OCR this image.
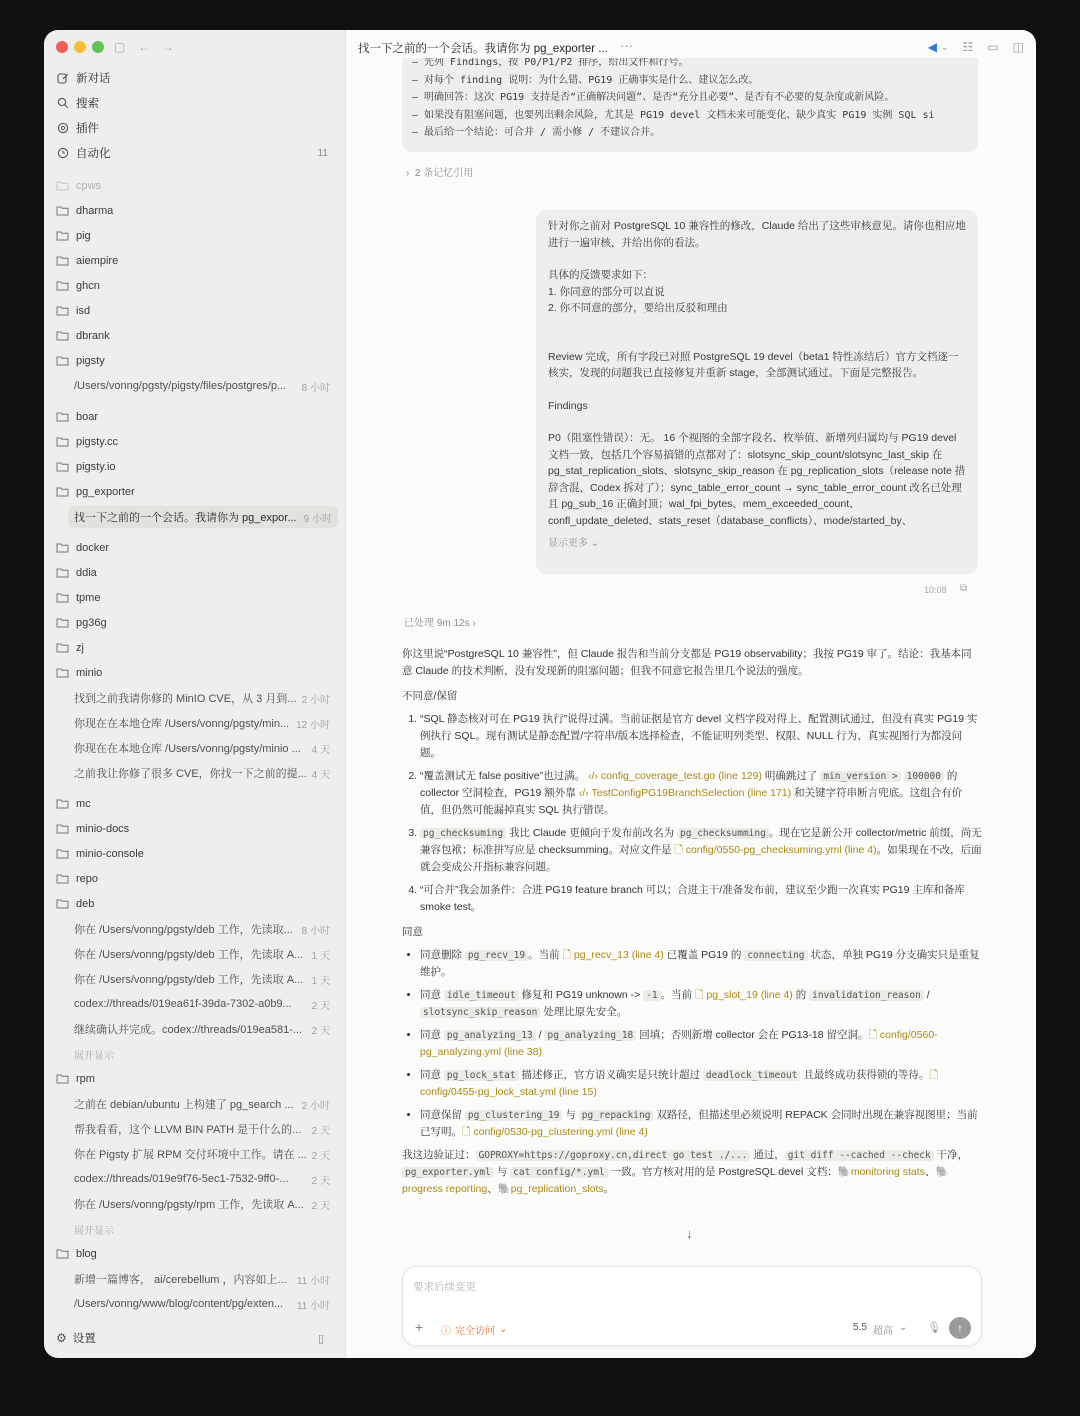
▢ ← →
新对话
搜索
插件
自动化	11
cpws
dharma
pig
aiempire
ghcn
isd
dbrank
pigsty
/Users/vonng/pgsty/pigsty/files/postgres/p...	8 小时
boar
pigsty.cc
pigsty.io
pg_exporter
找一下之前的一个会话。我请你为 pg_expor... 9 小时
docker
ddia
tpme
pg36g
zj
minio
找到之前我请你修的 MinIO CVE，从 3 月到... 2 小时
你现在在本地仓库 /Users/vonng/pgsty/min... 12 小时
你现在在本地仓库 /Users/vonng/pgsty/minio ...	4 天
之前我让你修了很多 CVE，你找一下之前的提... 4 天
mc
minio-docs
minio-console
repo
deb
你在 /Users/vonng/pgsty/deb 工作，先读取... 8 小时
你在 /Users/vonng/pgsty/deb 工作，先读取 A... 1 天
你在 /Users/vonng/pgsty/deb 工作，先读取 A... 1 天
codex://threads/019ea61f-39da-7302-a0b9...	2 天
继续确认并完成。codex://threads/019ea581-... 2 天
展开显示
rpm
之前在 debian/ubuntu 上构建了 pg_search ... 2 小时
帮我看看，这个 LLVM BIN PATH 是干什么的...	2 天
你在 Pigsty 扩展 RPM 交付环境中工作。请在 ... 2 天
codex://threads/019e9f76-5ec1-7532-9ff0-...	2 天
你在 /Users/vonng/pgsty/rpm 工作，先读取 A... 2 天
展开显示
blog
新增一篇博客， ai/cerebellum ，内容如上...	11 小时
/Users/vonng/www/blog/content/pg/exten...	11 小时
⚙ 设置	▯
找一下之前的一个会话。我请你为 pg_exporter ... ···	◀ ⌄ ☷ ▭ ◫
– 先列 Findings，按 P0/P1/P2 排序，给出文件和行号。
– 对每个 finding 说明：为什么错、PG19 正确事实是什么、建议怎么改。
– 明确回答：这次 PG19 支持是否“正确解决问题”、是否“充分且必要”、是否有不必要的复杂度或新风险。
– 如果没有阻塞问题，也要列出剩余风险，尤其是 PG19 devel 文档未来可能变化、缺少真实 PG19 实例 SQL si
– 最后给一个结论：可合并 / 需小修 / 不建议合并。
› 2 条记忆引用
针对你之前对 PostgreSQL 10 兼容性的修改，Claude 给出了这些审核意见。请你也相应地进行一遍审核，并给出你的看法。
具体的反馈要求如下：
1. 你同意的部分可以直说
2. 你不同意的部分，要给出反驳和理由
Review 完成，所有字段已对照 PostgreSQL 19 devel（beta1 特性冻结后）官方文档逐一核实，发现的问题我已直接修复并重新 stage，全部测试通过。下面是完整报告。
Findings
P0（阻塞性错误）：无。 16 个视图的全部字段名、枚举值、新增列归属均与 PG19 devel 文档一致，包括几个容易搞错的点都对了：slotsync_skip_count/slotsync_last_skip 在 pg_stat_replication_slots、slotsync_skip_reason 在 pg_replication_slots（release note 措辞含混，Codex 拆对了）；sync_table_error_count → sync_table_error_count 改名已处理且 pg_sub_16 正确封顶；wal_fpi_bytes、mem_exceeded_count、confl_update_deleted、stats_reset（database_conflicts）、mode/started_by、
显示更多 ⌄
10:08 ⧉
已处理 9m 12s ›

你这里说“PostgreSQL 10 兼容性”，但 Claude 报告和当前分支都是 PG19 observability；我按 PG19 审了。结论：我基本同意 Claude 的技术判断，没有发现新的阻塞问题；但我不同意它报告里几个说法的强度。

不同意/保留

1. “SQL 静态核对可在 PG19 执行”说得过满。当前证据是官方 devel 文档字段对得上、配置测试通过，但没有真实 PG19 实例执行 SQL。现有测试是静态配置/字符串/版本选择检查，不能证明列类型、权限、NULL 行为、真实视图行为都没问题。
2. “覆盖测试无 false positive”也过满。 ‹/› config_coverage_test.go (line 129) 明确跳过了 min_version > 100000 的 collector 空洞检查，PG19 额外靠 ‹/› TestConfigPG19BranchSelection (line 171) 和关键字符串断言兜底。这组合有价值，但仍然可能漏掉真实 SQL 执行错误。
3. pg_checksuming 我比 Claude 更倾向于发布前改名为 pg_checksumming 。现在它是新公开 collector/metric 前缀，尚无兼容包袱；标准拼写应是 checksumming。对应文件是 🗋 config/0550-pg_checksuming.yml (line 4)。如果现在不改，后面就会变成公开指标兼容问题。
4. “可合并”我会加条件：合进 PG19 feature branch 可以；合进主干/准备发布前，建议至少跑一次真实 PG19 主库和备库 smoke test。

同意

• 同意删除 pg_recv_19 。当前 🗋 pg_recv_13 (line 4) 已覆盖 PG19 的 connecting 状态，单独 PG19 分支确实只是重复维护。
• 同意 idle_timeout 修复和 PG19 unknown -> -1 。当前 🗋 pg_slot_19 (line 4) 的 invalidation_reason / slotsync_skip_reason 处理比原先安全。
• 同意 pg_analyzing_13 / pg_analyzing_18 回填；否则新增 collector 会在 PG13-18 留空洞。🗋 config/0560-pg_analyzing.yml (line 38)
• 同意 pg_lock_stat 描述修正，官方语义确实是只统计超过 deadlock_timeout 且最终成功获得锁的等待。🗋 config/0455-pg_lock_stat.yml (line 15)
• 同意保留 pg_clustering_19 与 pg_repacking 双路径，但描述里必须说明 REPACK 会同时出现在兼容视图里；当前已写明。🗋 config/0530-pg_clustering.yml (line 4)

我这边验证过： GOPROXY=https://goproxy.cn,direct go test ./... 通过， git diff --cached --check 干净，pg_exporter.yml 与 cat config/*.yml 一致。官方核对用的是 PostgreSQL devel 文档：🐘monitoring stats、🐘progress reporting、🐘pg_replication_slots。

↓
要求后续变更
+ ⓘ 完全访问 ⌄	5.5 超高 ⌄ 🎙	↑
